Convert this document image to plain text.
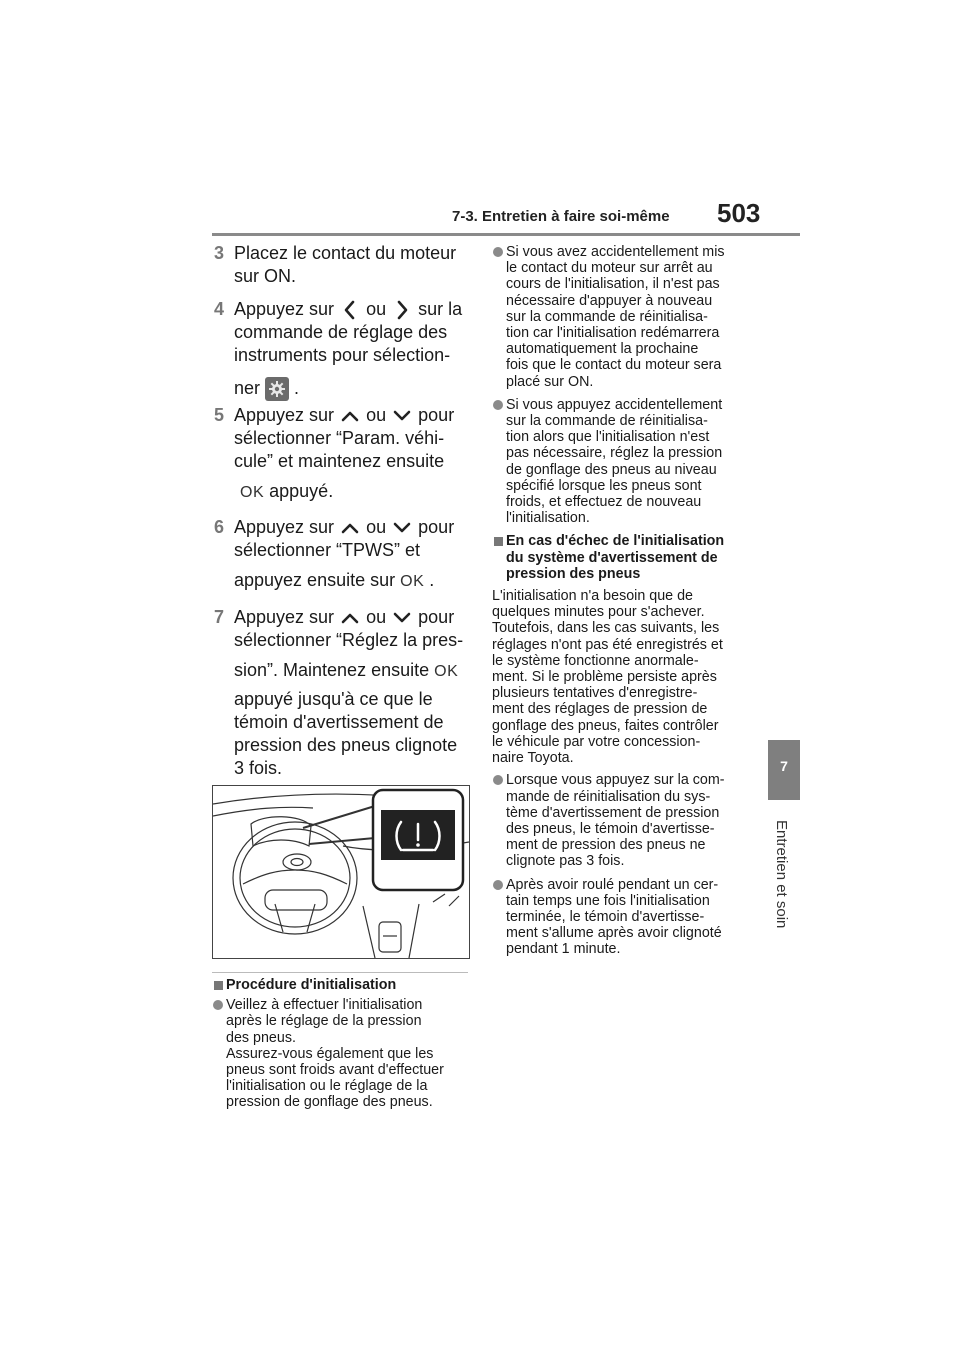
7-3. Entretien à faire soi-même 503
7
Entretien et soin
3 Placez le contact du moteur
sur ON.
4 Appuyez sur ou sur la
commande de réglage des
instruments pour sélection-
ner .
5 Appuyez sur ou pour
sélectionner “Param. véhi-
cule” et maintenez ensuite
OK appuyé.
6 Appuyez sur ou pour
sélectionner “TPWS” et
appuyez ensuite sur OK .
7 Appuyez sur ou pour
sélectionner “Réglez la pres-
sion”. Maintenez ensuite OK
appuyé jusqu'à ce que le
témoin d'avertissement de
pression des pneus clignote
3 fois.
Procédure d'initialisation
Veillez à effectuer l'initialisation
après le réglage de la pression
des pneus.
Assurez-vous également que les
pneus sont froids avant d'effectuer
l'initialisation ou le réglage de la
pression de gonflage des pneus.
Si vous avez accidentellement mis
le contact du moteur sur arrêt au
cours de l'initialisation, il n'est pas
nécessaire d'appuyer à nouveau
sur la commande de réinitialisa-
tion car l'initialisation redémarrera
automatiquement la prochaine
fois que le contact du moteur sera
placé sur ON.
Si vous appuyez accidentellement
sur la commande de réinitialisa-
tion alors que l'initialisation n'est
pas nécessaire, réglez la pression
de gonflage des pneus au niveau
spécifié lorsque les pneus sont
froids, et effectuez de nouveau
l'initialisation.
En cas d'échec de l'initialisation
du système d'avertissement de
pression des pneus
L'initialisation n'a besoin que de
quelques minutes pour s'achever.
Toutefois, dans les cas suivants, les
réglages n'ont pas été enregistrés et
le système fonctionne anormale-
ment. Si le problème persiste après
plusieurs tentatives d'enregistre-
ment des réglages de pression de
gonflage des pneus, faites contrôler
le véhicule par votre concession-
naire Toyota.
Lorsque vous appuyez sur la com-
mande de réinitialisation du sys-
tème d'avertissement de pression
des pneus, le témoin d'avertisse-
ment de pression des pneus ne
clignote pas 3 fois.
Après avoir roulé pendant un cer-
tain temps une fois l'initialisation
terminée, le témoin d'avertisse-
ment s'allume après avoir clignoté
pendant 1 minute.
